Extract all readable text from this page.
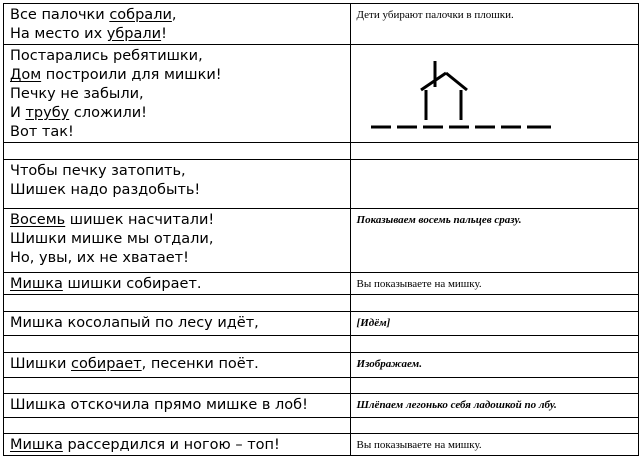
Все палочки собрали,
На место их убрали!	Дети убирают палочки в плошки.

Постарались ребятишки,
Дом построили для мишки!
Печку не забыли,
И трубу сложили!
Вот так!

Чтобы печку затопить,
Шишек надо раздобыть!	

Восемь шишек насчитали!
Шишки мишке мы отдали,
Но, увы, их не хватает!	Показываем восемь пальцев сразу.

Мишка шишки собирает.	Вы показываете на мишку.

Мишка косолапый по лесу идёт,	[Идём]

Шишки собирает, песенки поёт.	Изображаем.

Шишка отскочила прямо мишке в лоб!	Шлёпаем легонько себя ладошкой по лбу.

Мишка рассердился и ногою – топ!	Вы показываете на мишку.
